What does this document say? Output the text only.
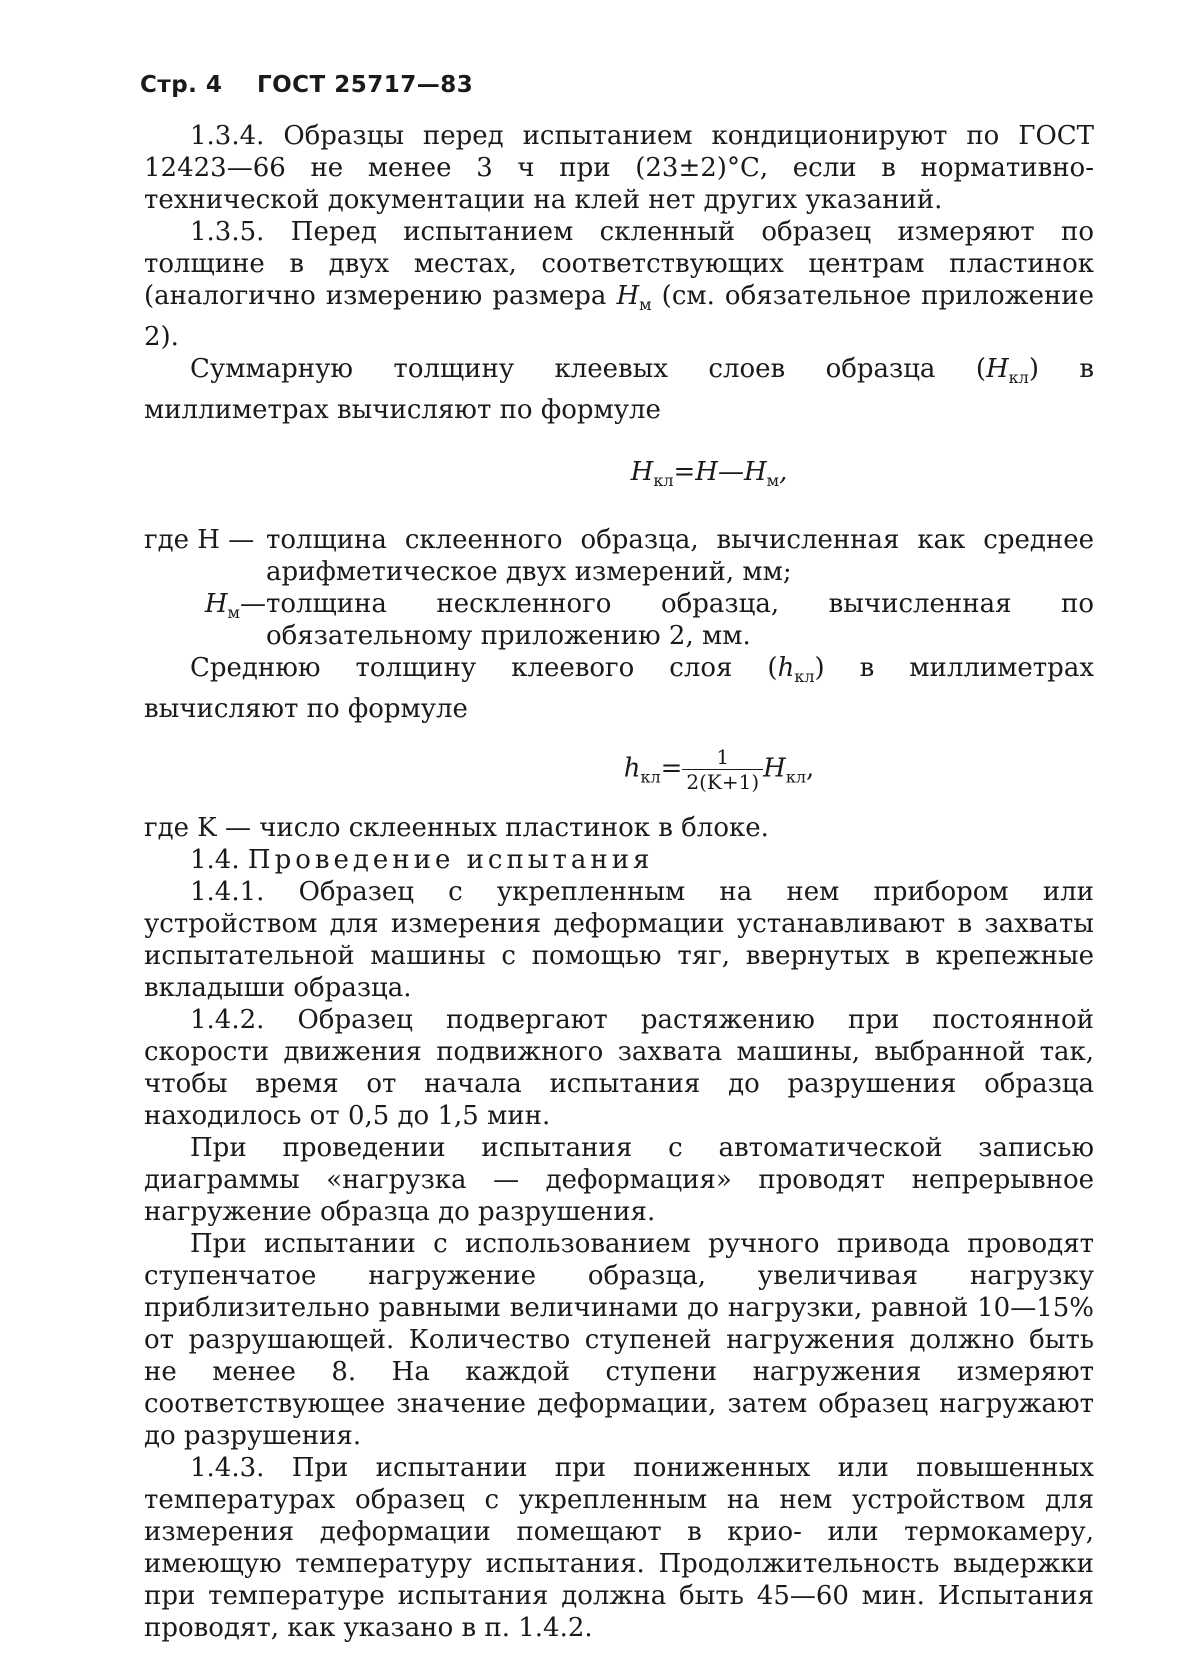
Стр. 4 ГОСТ 25717—83

1.3.4. Образцы перед испытанием кондиционируют по ГОСТ 12423—66 не менее 3 ч при (23±2)°С, если в нормативно-технической документации на клей нет других указаний.

1.3.5. Перед испытанием скленный образец измеряют по толщине в двух местах, соответствующих центрам пластинок (аналогично измерению размера $H_м$ (см. обязательное приложение 2).

Суммарную толщину клеевых слоев образца $(H_{кл})$ в миллиметрах вычисляют по формуле

$H_{кл}=H—H_м$,
где H — толщина склеенного образца, вычисленная как среднее арифметическое двух измерений, мм;
$H_м—$ толщина нескленного образца, вычисленная по обязательному приложению 2, мм.

Среднюю толщину клеевого слоя $(h_{кл})$ в миллиметрах вычисляют по формуле

$h_{кл}= \frac{1}{2(K+1)} H_{кл}$,

где K — число склеенных пластинок в блоке.

1.4. Проведение испытания

1.4.1. Образец с укрепленным на нем прибором или устройством для измерения деформации устанавливают в захваты испытательной машины с помощью тяг, ввернутых в крепежные вкладыши образца.

1.4.2. Образец подвергают растяжению при постоянной скорости движения подвижного захвата машины, выбранной так, чтобы время от начала испытания до разрушения образца находилось от 0,5 до 1,5 мин.

При проведении испытания с автоматической записью диаграммы «нагрузка — деформация» проводят непрерывное нагружение образца до разрушения.

При испытании с использованием ручного привода проводят ступенчатое нагружение образца, увеличивая нагрузку приблизительно равными величинами до нагрузки, равной 10—15% от разрушающей. Количество ступеней нагружения должно быть не менее 8. На каждой ступени нагружения измеряют соответствующее значение деформации, затем образец нагружают до разрушения.

1.4.3. При испытании при пониженных или повышенных температурах образец с укрепленным на нем устройством для измерения деформации помещают в крио- или термокамеру, имеющую температуру испытания. Продолжительность выдержки при температуре испытания должна быть 45—60 мин. Испытания проводят, как указано в п. 1.4.2.
